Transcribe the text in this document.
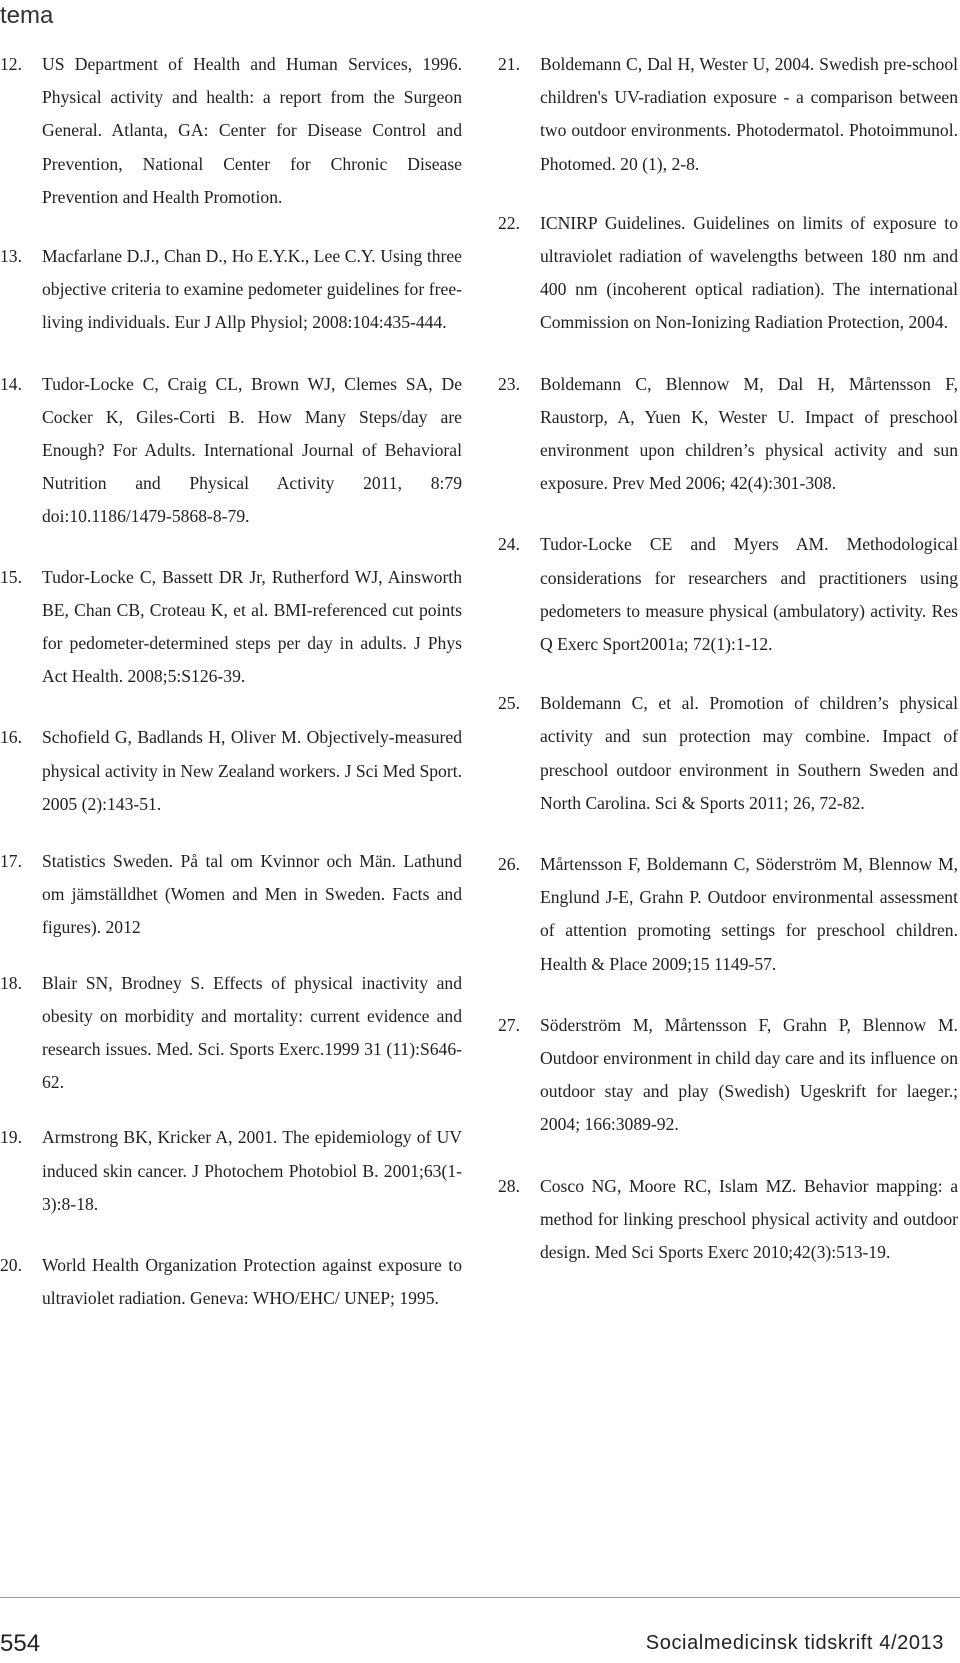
tema
12.	US Department of Health and Human Services, 1996. Physical activity and health: a report from the Surgeon General. Atlanta, GA: Center for Disease Control and Prevention, National Center for Chronic Disease Prevention and Health Promotion.
13.	Macfarlane D.J., Chan D., Ho E.Y.K., Lee C.Y. Using three objective criteria to examine pedometer guidelines for free-living individuals. Eur J Allp Physiol; 2008:104:435-444.
14.	Tudor-Locke C, Craig CL, Brown WJ, Clemes SA, De Cocker K, Giles-Corti B. How Many Steps/day are Enough? For Adults. International Journal of Behavioral Nutrition and Physical Activity 2011, 8:79 doi:10.1186/1479-5868-8-79.
15.	Tudor-Locke C, Bassett DR Jr, Rutherford WJ, Ainsworth BE, Chan CB, Croteau K, et al. BMI-referenced cut points for pedometer-determined steps per day in adults. J Phys Act Health. 2008;5:S126-39.
16.	Schofield G, Badlands H, Oliver M. Objectively-measured physical activity in New Zealand workers. J Sci Med Sport. 2005 (2):143-51.
17.	Statistics Sweden. På tal om Kvinnor och Män. Lathund om jämställdhet (Women and Men in Sweden. Facts and figures). 2012
18.	Blair SN, Brodney S. Effects of physical inactivity and obesity on morbidity and mortality: current evidence and research issues. Med. Sci. Sports Exerc.1999 31 (11):S646-62.
19.	Armstrong BK, Kricker A, 2001. The epidemiology of UV induced skin cancer. J Photochem Photobiol B. 2001;63(1-3):8-18.
20.	World Health Organization Protection against exposure to ultraviolet radiation. Geneva: WHO/EHC/ UNEP; 1995.
21.	Boldemann C, Dal H, Wester U, 2004. Swedish pre-school children's UV-radiation exposure - a comparison between two outdoor environments. Photodermatol. Photoimmunol. Photomed. 20 (1), 2-8.
22.	ICNIRP Guidelines. Guidelines on limits of exposure to ultraviolet radiation of wavelengths between 180 nm and 400 nm (incoherent optical radiation). The international Commission on Non-Ionizing Radiation Protection, 2004.
23.	Boldemann C, Blennow M, Dal H, Mårtensson F, Raustorp, A, Yuen K, Wester U. Impact of preschool environment upon children’s physical activity and sun exposure. Prev Med 2006; 42(4):301-308.
24.	Tudor-Locke CE and Myers AM. Methodological considerations for researchers and practitioners using pedometers to measure physical (ambulatory) activity. Res Q Exerc Sport2001a; 72(1):1-12.
25.	Boldemann C, et al. Promotion of children’s physical activity and sun protection may combine. Impact of preschool outdoor environment in Southern Sweden and North Carolina. Sci & Sports 2011; 26, 72-82.
26.	Mårtensson F, Boldemann C, Söderström M, Blennow M, Englund J-E, Grahn P. Outdoor environmental assessment of attention promoting settings for preschool children. Health & Place 2009;15 1149-57.
27.	Söderström M, Mårtensson F, Grahn P, Blennow M. Outdoor environment in child day care and its influence on outdoor stay and play (Swedish) Ugeskrift for laeger.; 2004; 166:3089-92.
28.	Cosco NG, Moore RC, Islam MZ. Behavior mapping: a method for linking preschool physical activity and outdoor design. Med Sci Sports Exerc 2010;42(3):513-19.
554	Socialmedicinsk tidskrift 4/2013
